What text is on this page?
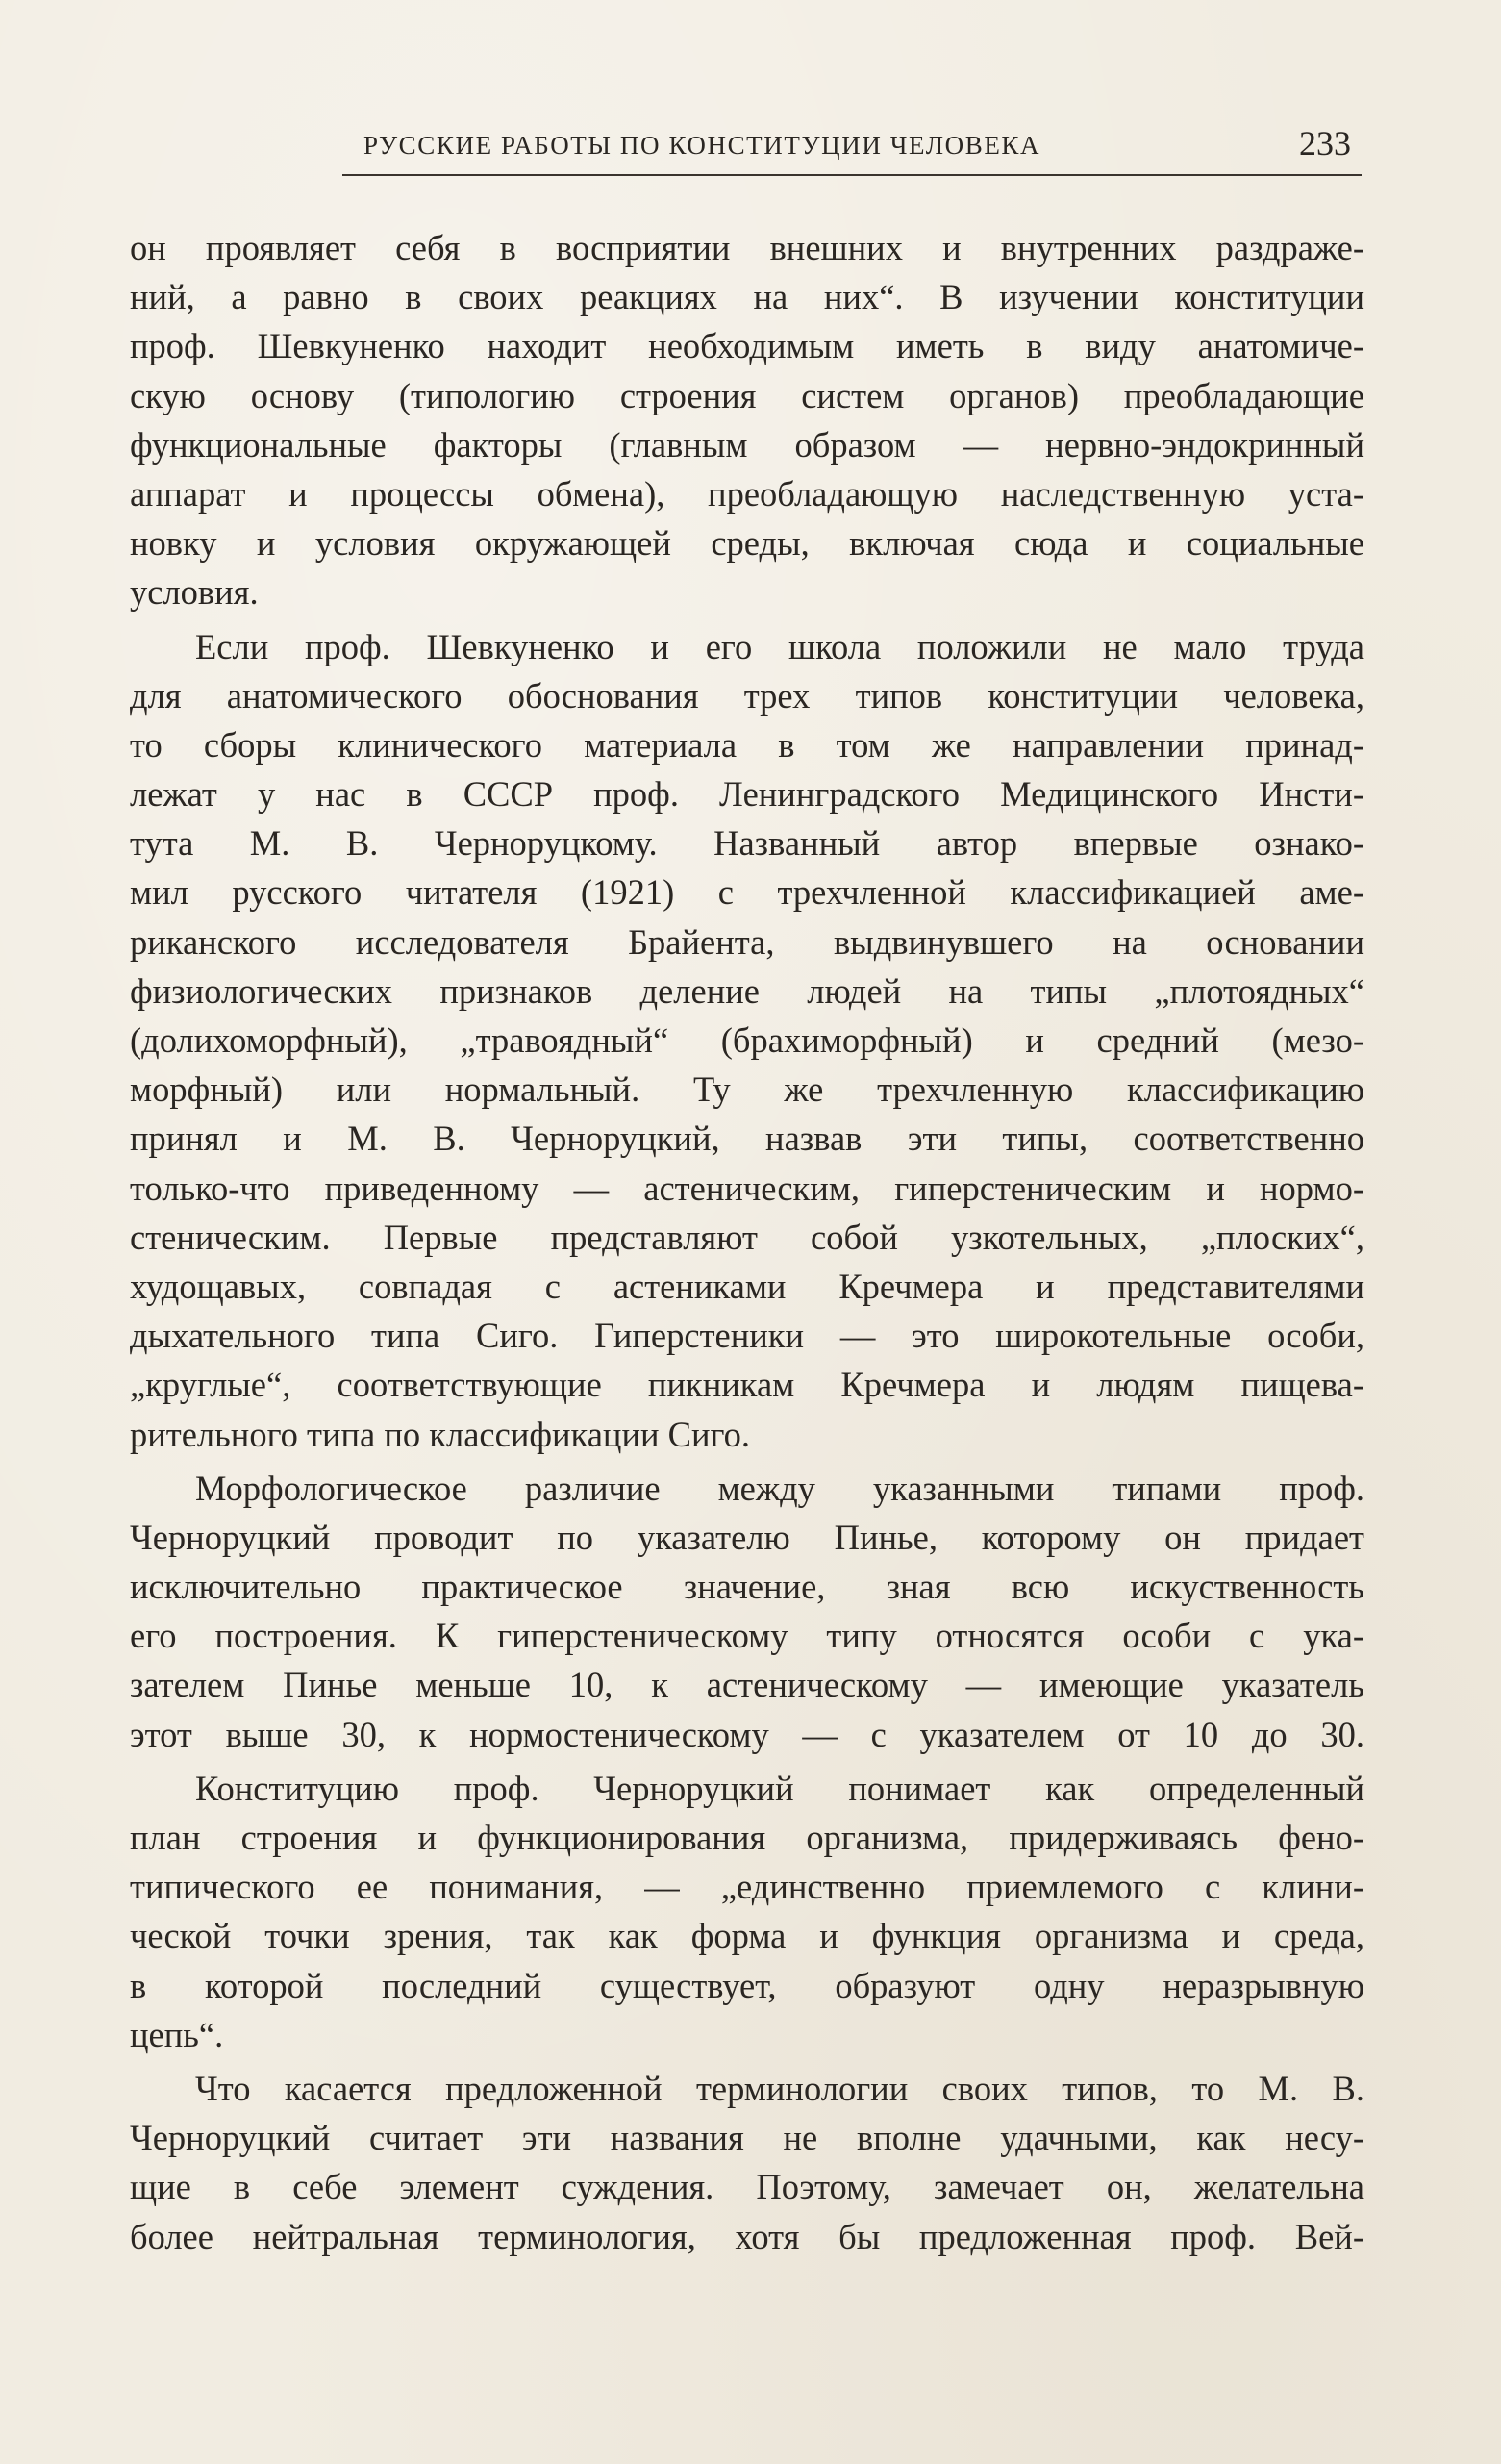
РУССКИЕ РАБОТЫ ПО КОНСТИТУЦИИ ЧЕЛОВЕКА	233
он проявляет себя в восприятии внешних и внутренних раздраже-
ний, а равно в своих реакциях на них“. В изучении конституции
проф. Шевкуненко находит необходимым иметь в виду анатомиче-
скую основу (типологию строения систем органов) преобладающие
функциональные факторы (главным образом — нервно-эндокринный
аппарат и процессы обмена), преобладающую наследственную уста-
новку и условия окружающей среды, включая сюда и социальные
условия.
Если проф. Шевкуненко и его школа положили не мало труда
для анатомического обоснования трех типов конституции человека,
то сборы клинического материала в том же направлении принад-
лежат у нас в СССР проф. Ленинградского Медицинского Инсти-
тута М. В. Черноруцкому. Названный автор впервые ознако-
мил русского читателя (1921) с трехчленной классификацией аме-
риканского исследователя Брайента, выдвинувшего на основании
физиологических признаков деление людей на типы „плотоядных“
(долихоморфный), „травоядный“ (брахиморфный) и средний (мезо-
морфный) или нормальный. Ту же трехчленную классификацию
принял и М. В. Черноруцкий, назвав эти типы, соответственно
только-что приведенному — астеническим, гиперстеническим и нормо-
стеническим. Первые представляют собой узкотельных, „плоских“,
худощавых, совпадая с астениками Кречмера и представителями
дыхательного типа Сиго. Гиперстеники — это широкотельные особи,
„круглые“, соответствующие пикникам Кречмера и людям пищева-
рительного типа по классификации Сиго.
Морфологическое различие между указанными типами проф.
Черноруцкий проводит по указателю Пинье, которому он придает
исключительно практическое значение, зная всю искуственность
его построения. К гиперстеническому типу относятся особи с ука-
зателем Пинье меньше 10, к астеническому — имеющие указатель
этот выше 30, к нормостеническому — с указателем от 10 до 30.
Конституцию проф. Черноруцкий понимает как определенный
план строения и функционирования организма, придерживаясь фено-
типического ее понимания, — „единственно приемлемого с клини-
ческой точки зрения, так как форма и функция организма и среда,
в которой последний существует, образуют одну неразрывную
цепь“.
Что касается предложенной терминологии своих типов, то М. В.
Черноруцкий считает эти названия не вполне удачными, как несу-
щие в себе элемент суждения. Поэтому, замечает он, желательна
более нейтральная терминология, хотя бы предложенная проф. Вей-
